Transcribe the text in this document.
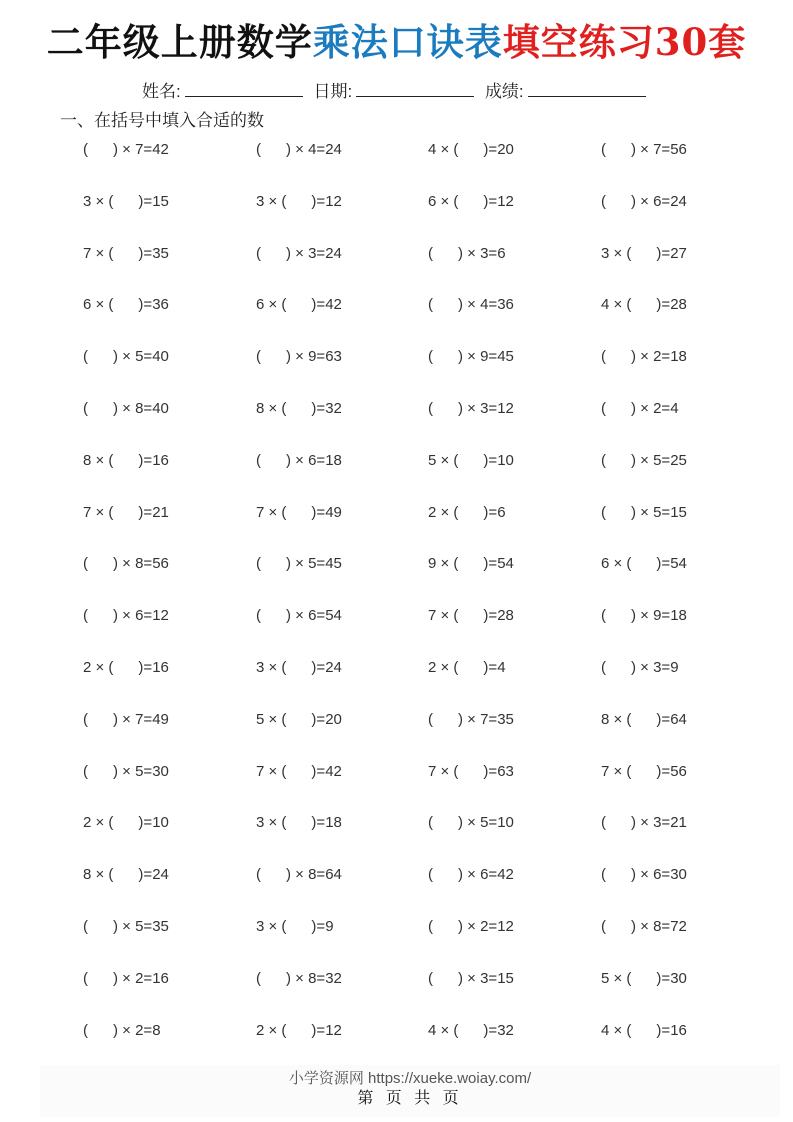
二年级上册数学乘法口诀表填空练习30套
姓名:	日期:	成绩:
一、在括号中填入合适的数
(      ) × 7=42	(      ) × 4=24	4 × (      )=20	(      ) × 7=56
3 × (      )=15	3 × (      )=12	6 × (      )=12	(      ) × 6=24
7 × (      )=35	(      ) × 3=24	(      ) × 3=6	3 × (      )=27
6 × (      )=36	6 × (      )=42	(      ) × 4=36	4 × (      )=28
(      ) × 5=40	(      ) × 9=63	(      ) × 9=45	(      ) × 2=18
(      ) × 8=40	8 × (      )=32	(      ) × 3=12	(      ) × 2=4
8 × (      )=16	(      ) × 6=18	5 × (      )=10	(      ) × 5=25
7 × (      )=21	7 × (      )=49	2 × (      )=6	(      ) × 5=15
(      ) × 8=56	(      ) × 5=45	9 × (      )=54	6 × (      )=54
(      ) × 6=12	(      ) × 6=54	7 × (      )=28	(      ) × 9=18
2 × (      )=16	3 × (      )=24	2 × (      )=4	(      ) × 3=9
(      ) × 7=49	5 × (      )=20	(      ) × 7=35	8 × (      )=64
(      ) × 5=30	7 × (      )=42	7 × (      )=63	7 × (      )=56
2 × (      )=10	3 × (      )=18	(      ) × 5=10	(      ) × 3=21
8 × (      )=24	(      ) × 8=64	(      ) × 6=42	(      ) × 6=30
(      ) × 5=35	3 × (      )=9	(      ) × 2=12	(      ) × 8=72
(      ) × 2=16	(      ) × 8=32	(      ) × 3=15	5 × (      )=30
(      ) × 2=8	2 × (      )=12	4 × (      )=32	4 × (      )=16
小学资源网 https://xueke.woiay.com/
第 页 共 页
